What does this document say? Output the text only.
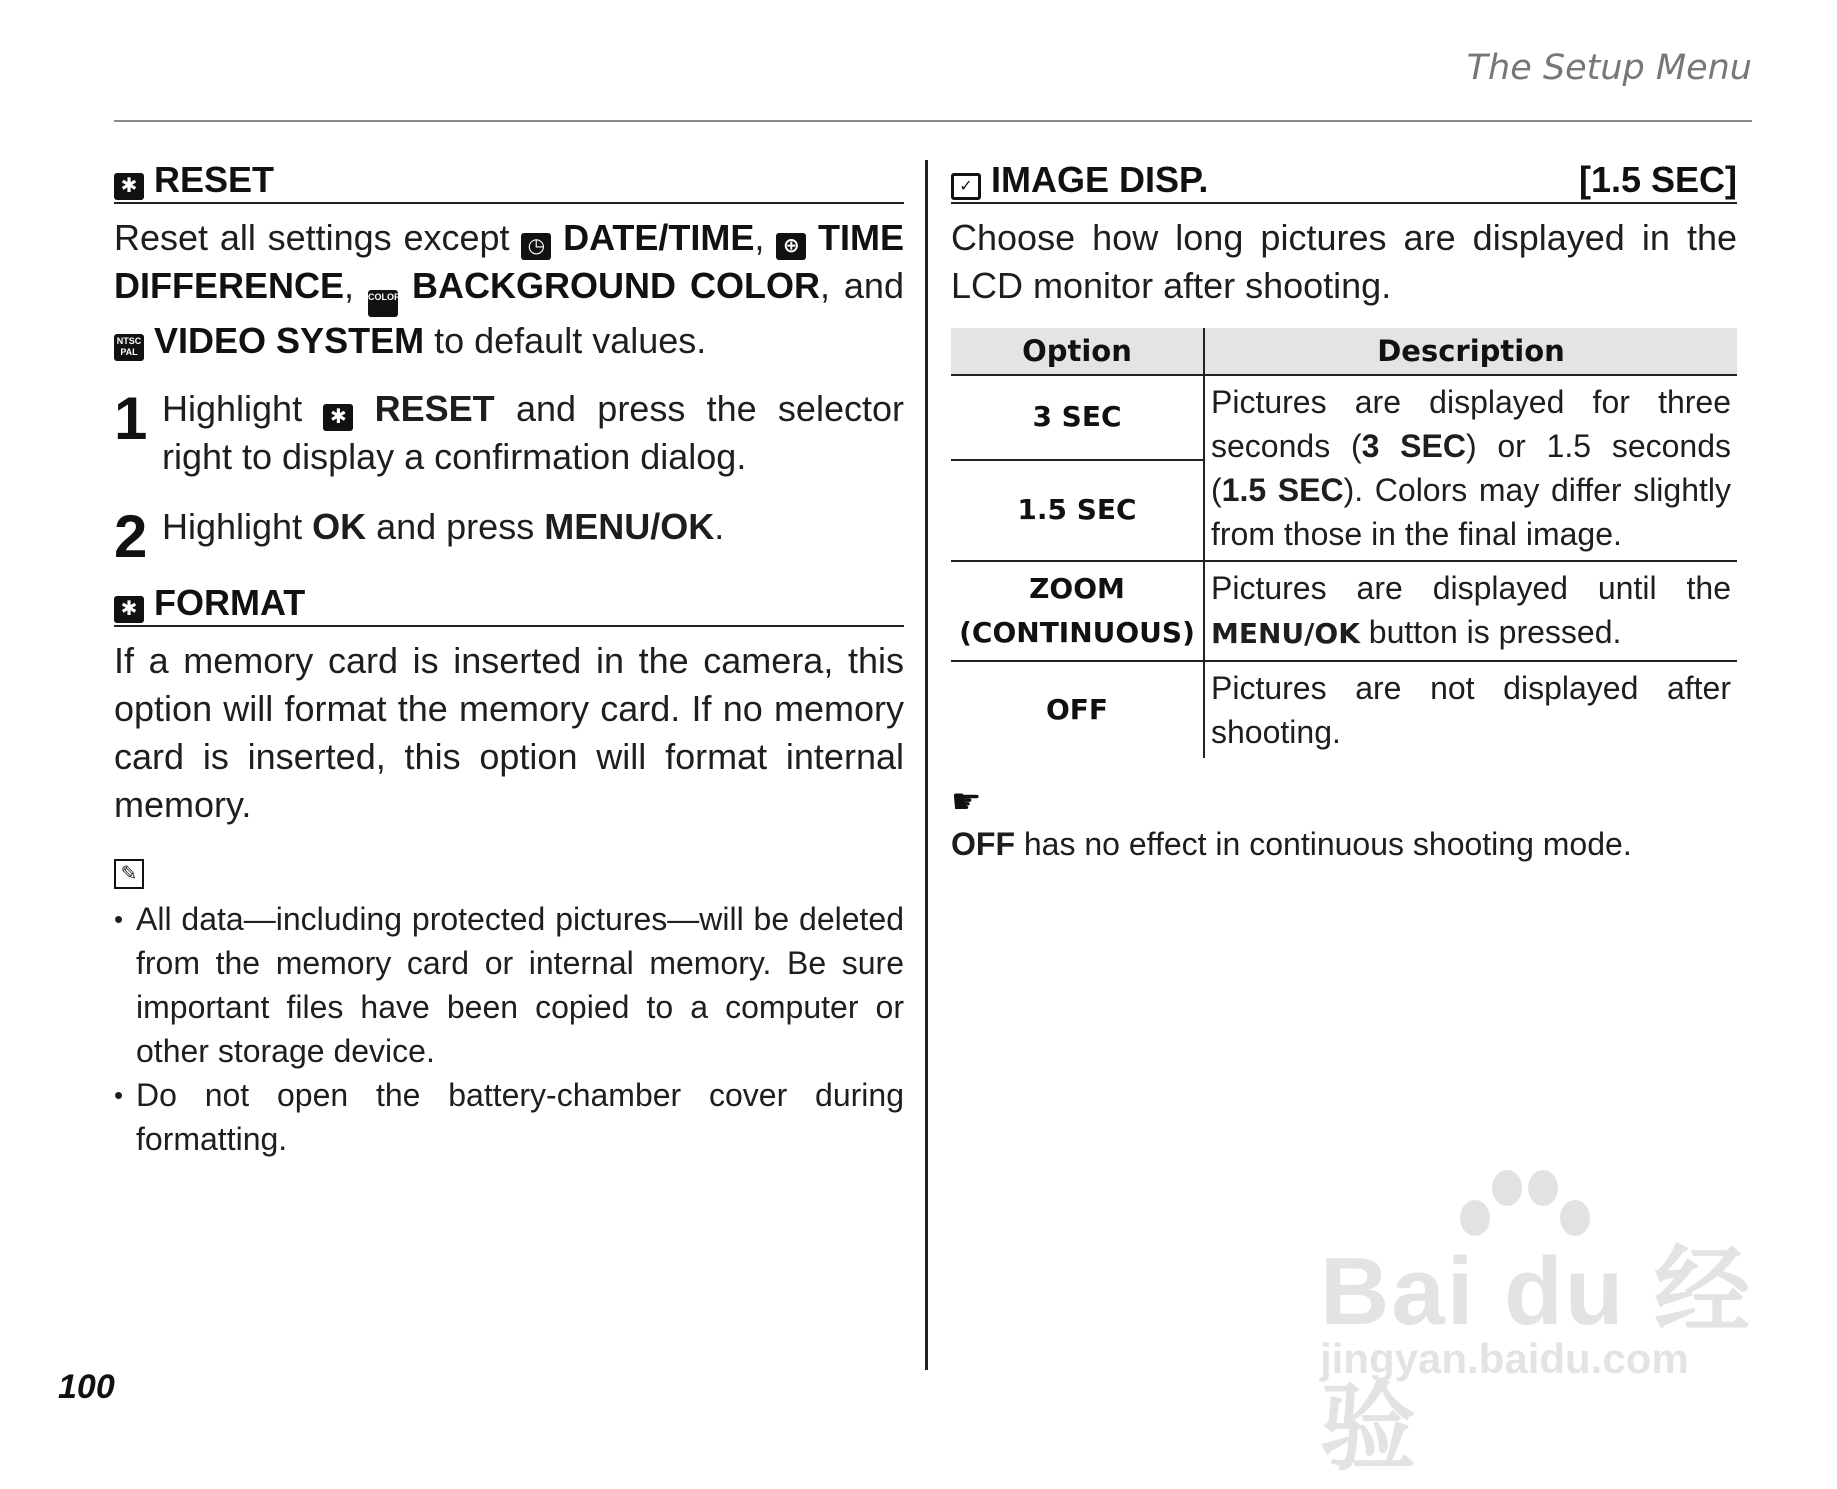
The Setup Menu
✱ RESET

Reset all settings except ◷ DATE/TIME, ⊕ TIME DIFFERENCE, COLOR BACKGROUND COLOR, and NTSC PAL VIDEO SYSTEM to default values.

1 Highlight ✱ RESET and press the selector right to display a confirmation dialog.
2 Highlight OK and press MENU/OK.
✱ FORMAT

If a memory card is inserted in the camera, this option will format the memory card. If no memory card is inserted, this option will format internal memory.

✎
• All data—including protected pictures—will be deleted from the memory card or internal memory. Be sure important files have been copied to a computer or other storage device.
• Do not open the battery-chamber cover during formatting.
✓ IMAGE DISP.	[1.5 SEC]

Choose how long pictures are displayed in the LCD monitor after shooting.

Option	Description
3 SEC	Pictures are displayed for three seconds (3 SEC) or 1.5 seconds (1.5 SEC). Colors may differ slightly from those in the final image.
1.5 SEC	
ZOOM (CONTINUOUS)	Pictures are displayed until the MENU/OK button is pressed.
OFF	Pictures are not displayed after shooting.
☛

OFF has no effect in continuous shooting mode.

100
Bai du 经验
jingyan.baidu.com
